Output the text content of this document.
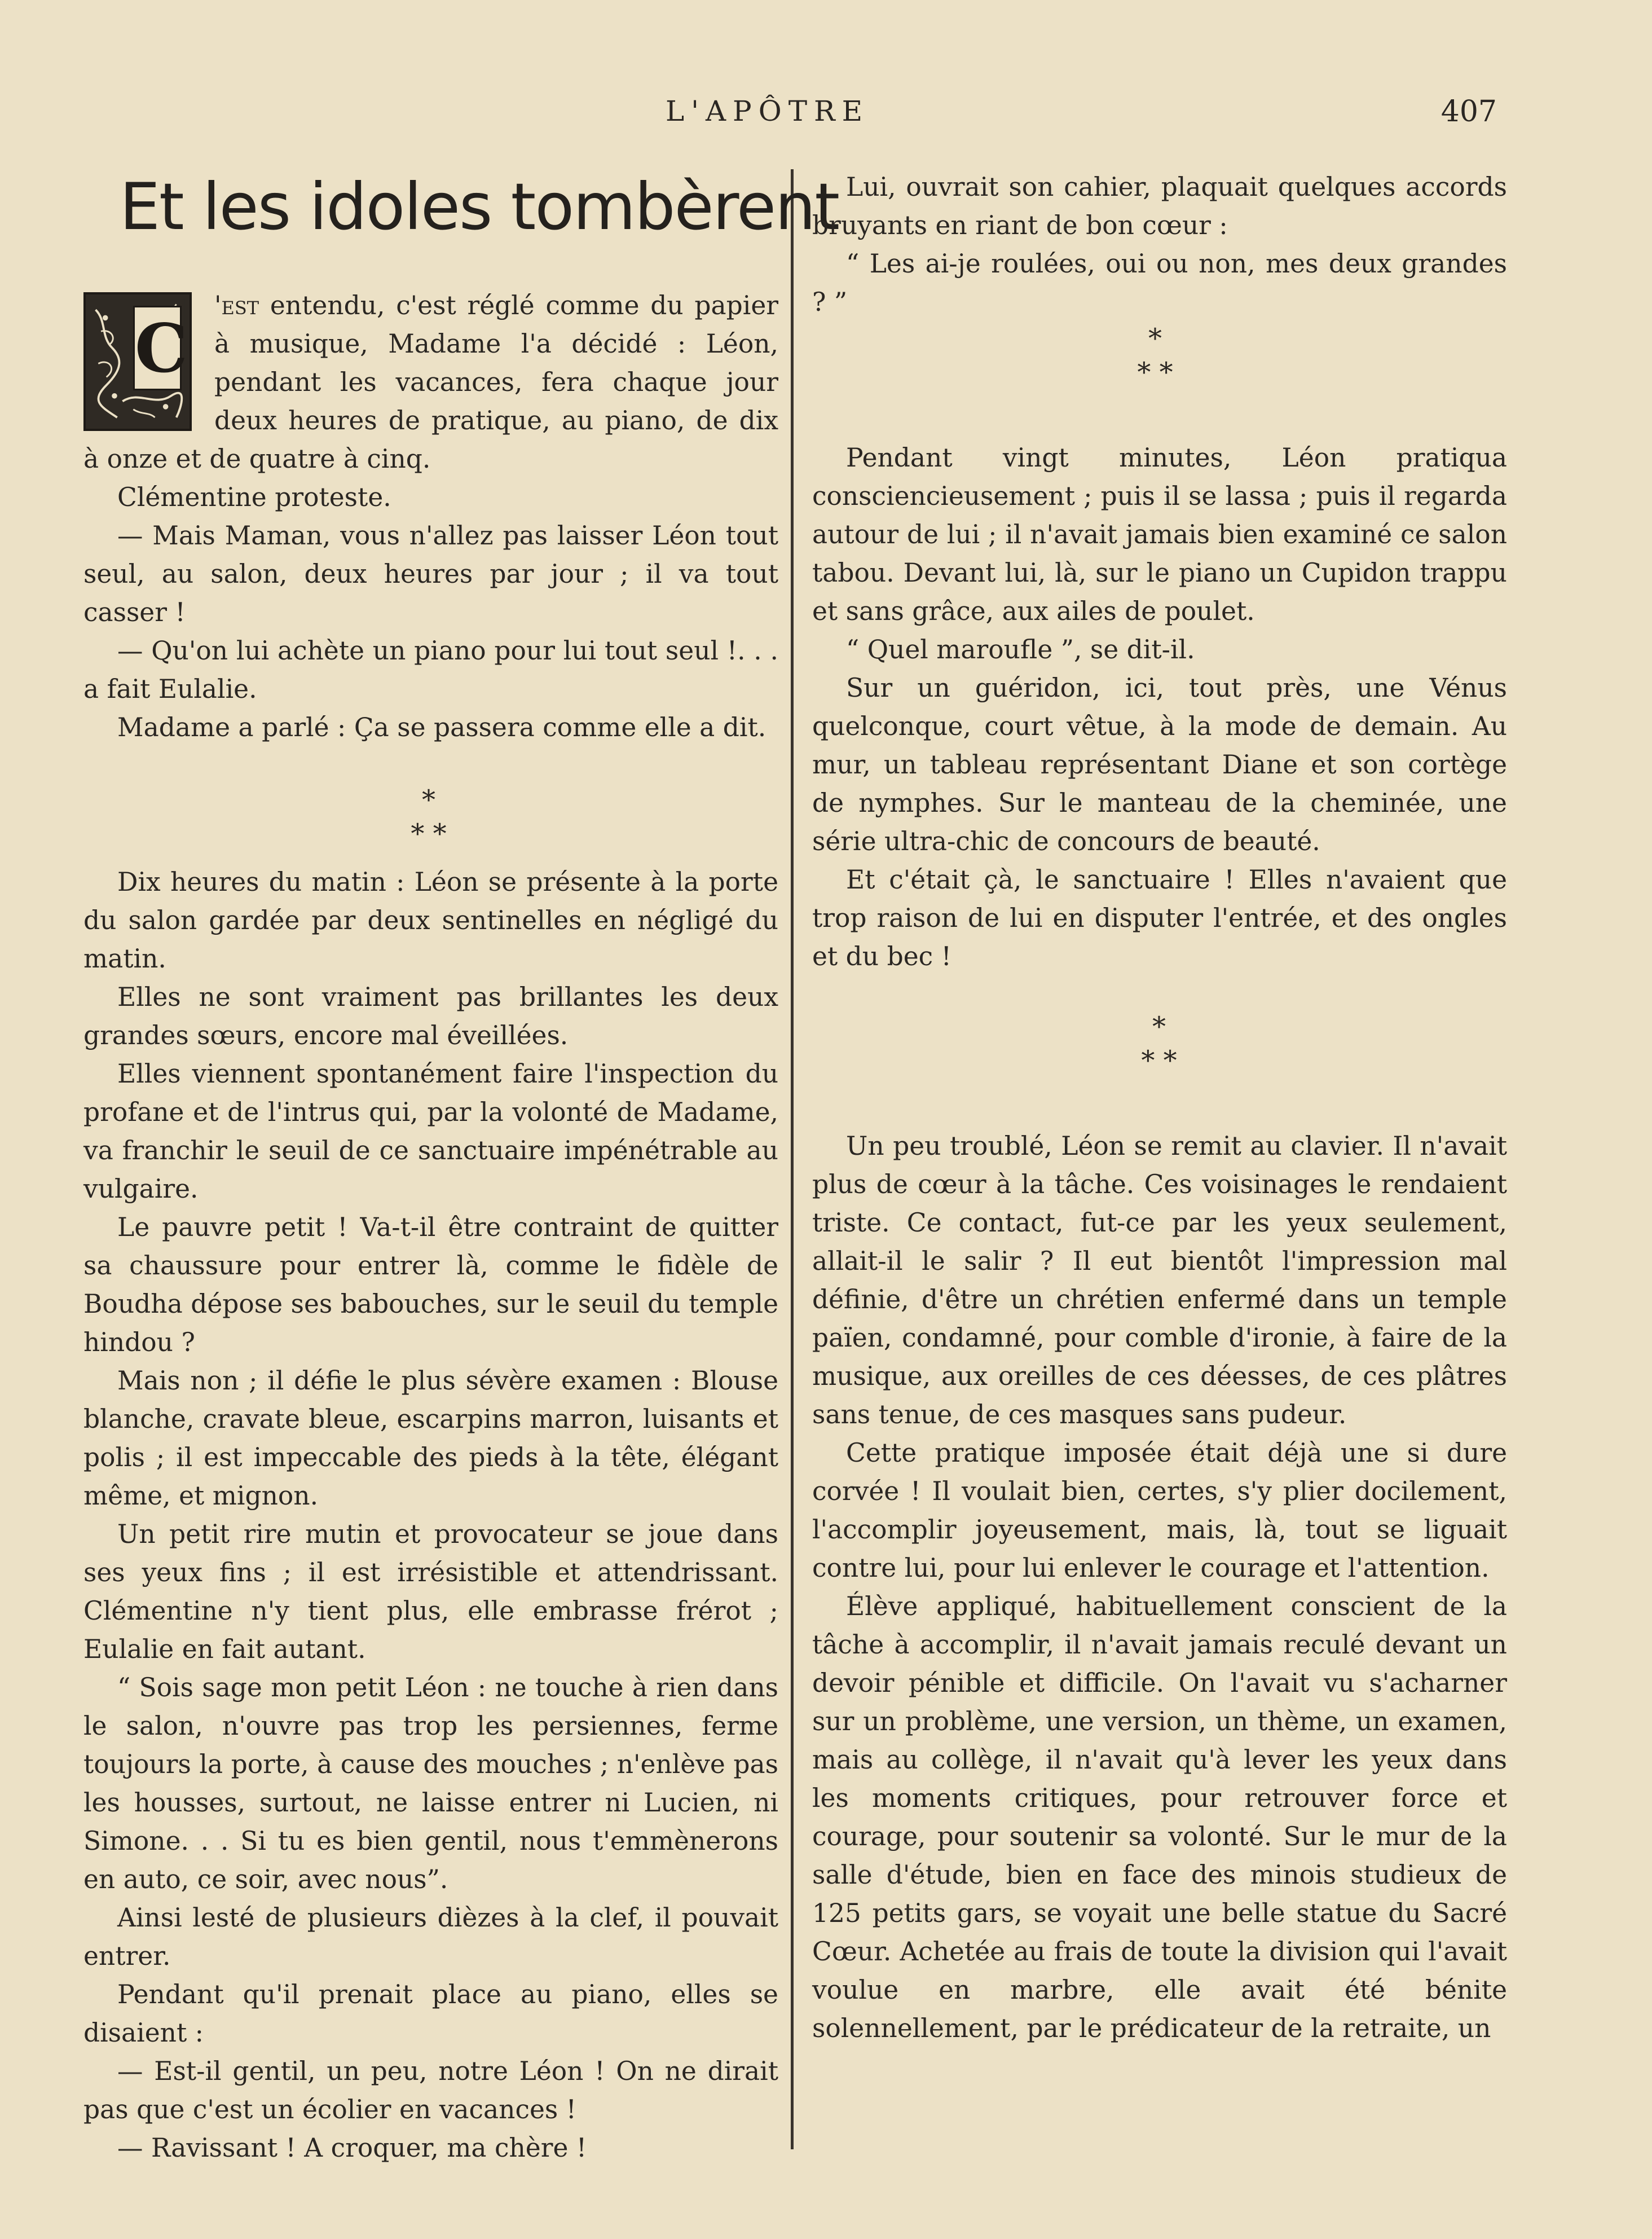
L'APÔTRE	407
Et les idoles tombèrent
C

'est entendu, c'est réglé comme du papier à musique, Madame l'a décidé : Léon, pendant les vacances, fera chaque jour deux heures de pratique, au piano, de dix à onze et de quatre à cinq.

Clémentine proteste.

— Mais Maman, vous n'allez pas laisser Léon tout seul, au salon, deux heures par jour ; il va tout casser !

— Qu'on lui achète un piano pour lui tout seul !. . . a fait Eulalie.

Madame a parlé : Ça se passera comme elle a dit.

*
* *

Dix heures du matin : Léon se présente à la porte du salon gardée par deux sentinelles en négligé du matin.

Elles ne sont vraiment pas brillantes les deux grandes sœurs, encore mal éveillées.

Elles viennent spontanément faire l'inspection du profane et de l'intrus qui, par la volonté de Madame, va franchir le seuil de ce sanctuaire impénétrable au vulgaire.

Le pauvre petit ! Va-t-il être contraint de quitter sa chaussure pour entrer là, comme le fidèle de Boudha dépose ses babouches, sur le seuil du temple hindou ?

Mais non ; il défie le plus sévère examen : Blouse blanche, cravate bleue, escarpins marron, luisants et polis ; il est impeccable des pieds à la tête, élégant même, et mignon.

Un petit rire mutin et provocateur se joue dans ses yeux fins ; il est irrésistible et attendrissant. Clémentine n'y tient plus, elle embrasse frérot ; Eulalie en fait autant.

“ Sois sage mon petit Léon : ne touche à rien dans le salon, n'ouvre pas trop les persiennes, ferme toujours la porte, à cause des mouches ; n'enlève pas les housses, surtout, ne laisse entrer ni Lucien, ni Simone. . . Si tu es bien gentil, nous t'emmènerons en auto, ce soir, avec nous”.

Ainsi lesté de plusieurs dièzes à la clef, il pouvait entrer.

Pendant qu'il prenait place au piano, elles se disaient :

— Est-il gentil, un peu, notre Léon ! On ne dirait pas que c'est un écolier en vacances !

— Ravissant ! A croquer, ma chère !

Lui, ouvrait son cahier, plaquait quelques accords bruyants en riant de bon cœur :

“ Les ai-je roulées, oui ou non, mes deux grandes ? ”

*
* *

Pendant vingt minutes, Léon pratiqua consciencieusement ; puis il se lassa ; puis il regarda autour de lui ; il n'avait jamais bien examiné ce salon tabou. Devant lui, là, sur le piano un Cupidon trappu et sans grâce, aux ailes de poulet.

“ Quel maroufle ”, se dit-il.

Sur un guéridon, ici, tout près, une Vénus quelconque, court vêtue, à la mode de demain. Au mur, un tableau représentant Diane et son cortège de nymphes. Sur le manteau de la cheminée, une série ultra-chic de concours de beauté.

Et c'était çà, le sanctuaire ! Elles n'avaient que trop raison de lui en disputer l'entrée, et des ongles et du bec !

*
* *

Un peu troublé, Léon se remit au clavier. Il n'avait plus de cœur à la tâche. Ces voisinages le rendaient triste. Ce contact, fut-ce par les yeux seulement, allait-il le salir ? Il eut bientôt l'impression mal définie, d'être un chrétien enfermé dans un temple païen, condamné, pour comble d'ironie, à faire de la musique, aux oreilles de ces déesses, de ces plâtres sans tenue, de ces masques sans pudeur.

Cette pratique imposée était déjà une si dure corvée ! Il voulait bien, certes, s'y plier docilement, l'accomplir joyeusement, mais, là, tout se liguait contre lui, pour lui enlever le courage et l'attention.

Élève appliqué, habituellement conscient de la tâche à accomplir, il n'avait jamais reculé devant un devoir pénible et difficile. On l'avait vu s'acharner sur un problème, une version, un thème, un examen, mais au collège, il n'avait qu'à lever les yeux dans les moments critiques, pour retrouver force et courage, pour soutenir sa volonté. Sur le mur de la salle d'étude, bien en face des minois studieux de 125 petits gars, se voyait une belle statue du Sacré Cœur. Achetée au frais de toute la division qui l'avait voulue en marbre, elle avait été bénite solennellement, par le prédicateur de la retraite, un
